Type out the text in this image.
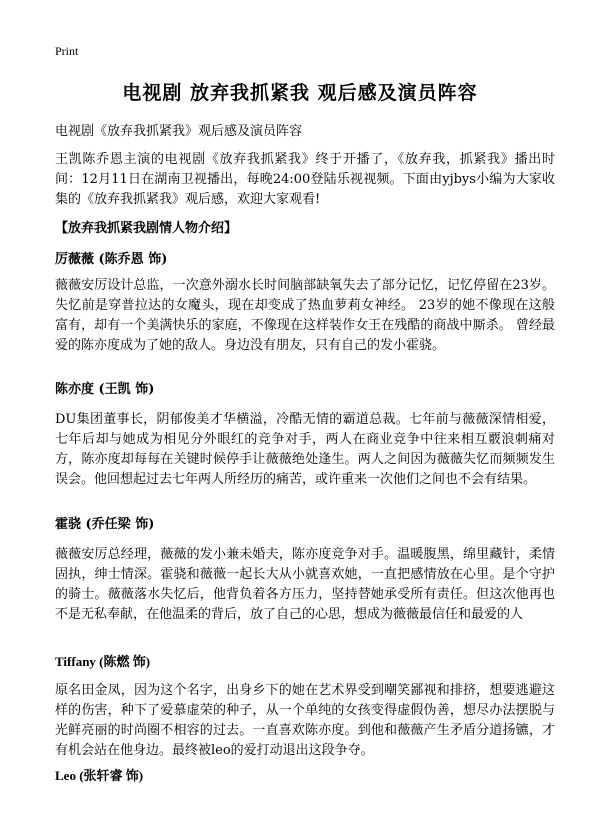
Print
电视剧 放弃我抓紧我 观后感及演员阵容
电视剧《放弃我抓紧我》观后感及演员阵容
王凯陈乔恩主演的电视剧《放弃我抓紧我》终于开播了，《放弃我，抓紧我》播出时间：12月11日在湖南卫视播出，每晚24:00登陆乐视视频。下面由yjbys小编为大家收集的《放弃我抓紧我》观后感，欢迎大家观看!
【放弃我抓紧我剧情人物介绍】
厉薇薇 (陈乔恩 饰)
薇薇安厉设计总监，一次意外溺水长时间脑部缺氧失去了部分记忆，记忆停留在23岁。失忆前是穿普拉达的女魔头，现在却变成了热血萝莉女神经。 23岁的她不像现在这般富有，却有一个美满快乐的家庭，不像现在这样装作女王在残酷的商战中厮杀。 曾经最爱的陈亦度成为了她的敌人。身边没有朋友，只有自己的发小霍骁。
陈亦度 (王凯 饰)
DU集团董事长，阴郁俊美才华横溢，冷酷无情的霸道总裁。七年前与薇薇深情相爱，七年后却与她成为相见分外眼红的竞争对手，两人在商业竞争中往来相互覈浪刺痛对方，陈亦度却每每在关键时候停手让薇薇绝处逢生。两人之间因为薇薇失忆而频频发生误会。他回想起过去七年两人所经历的痛苦，或许重来一次他们之间也不会有结果。
霍骁 (乔任梁 饰)
薇薇安厉总经理，薇薇的发小兼未婚夫，陈亦度竞争对手。温暖腹黑，绵里藏针，柔情固执，绅士情深。霍骁和薇薇一起长大从小就喜欢她，一直把感情放在心里。是个守护的骑士。薇薇落水失忆后，他背负着各方压力，坚持替她承受所有责任。但这次他再也不是无私奉献，在他温柔的背后，放了自己的心思，想成为薇薇最信任和最爱的人
Tiffany (陈燃 饰)
原名田金凤，因为这个名字，出身乡下的她在艺术界受到嘲笑鄙视和排挤，想要逃避这样的伤害，种下了爱慕虚荣的种子，从一个单纯的女孩变得虚假伪善，想尽办法摆脱与光鲜亮丽的时尚圈不相容的过去。一直喜欢陈亦度。到他和薇薇产生矛盾分道扬镳，才有机会站在他身边。最终被leo的爱打动退出这段争夺。
Leo (张轩睿 饰)
